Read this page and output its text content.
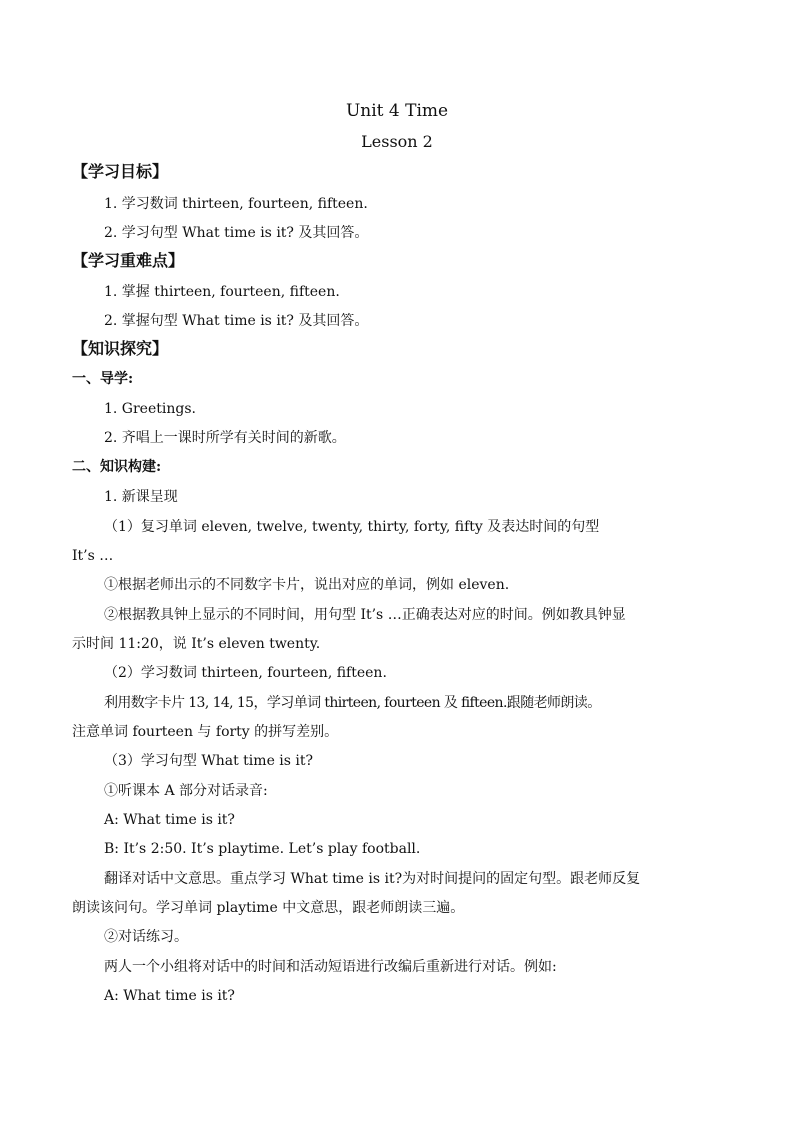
Unit 4 Time
Lesson 2
【学习目标】
1. 学习数词 thirteen, fourteen, fifteen.
2. 学习句型 What time is it? 及其回答。
【学习重难点】
1. 掌握 thirteen, fourteen, fifteen.
2. 掌握句型 What time is it? 及其回答。
【知识探究】
一、导学:
1. Greetings.
2. 齐唱上一课时所学有关时间的新歌。
二、知识构建:
1. 新课呈现
（1）复习单词 eleven, twelve, twenty, thirty, forty, fifty 及表达时间的句型
It’s …
①根据老师出示的不同数字卡片，说出对应的单词，例如 eleven.
②根据教具钟上显示的不同时间，用句型 It’s …正确表达对应的时间。例如教具钟显
示时间 11:20，说 It’s eleven twenty.
（2）学习数词 thirteen, fourteen, fifteen.
利用数字卡片 13, 14, 15，学习单词 thirteen, fourteen 及 fifteen.跟随老师朗读。
注意单词 fourteen 与 forty 的拼写差别。
（3）学习句型 What time is it?
①听课本 A 部分对话录音:
A: What time is it?
B: It’s 2:50. It’s playtime. Let’s play football.
翻译对话中文意思。重点学习 What time is it?为对时间提问的固定句型。跟老师反复
朗读该问句。学习单词 playtime 中文意思，跟老师朗读三遍。
②对话练习。
两人一个小组将对话中的时间和活动短语进行改编后重新进行对话。例如:
A: What time is it?
